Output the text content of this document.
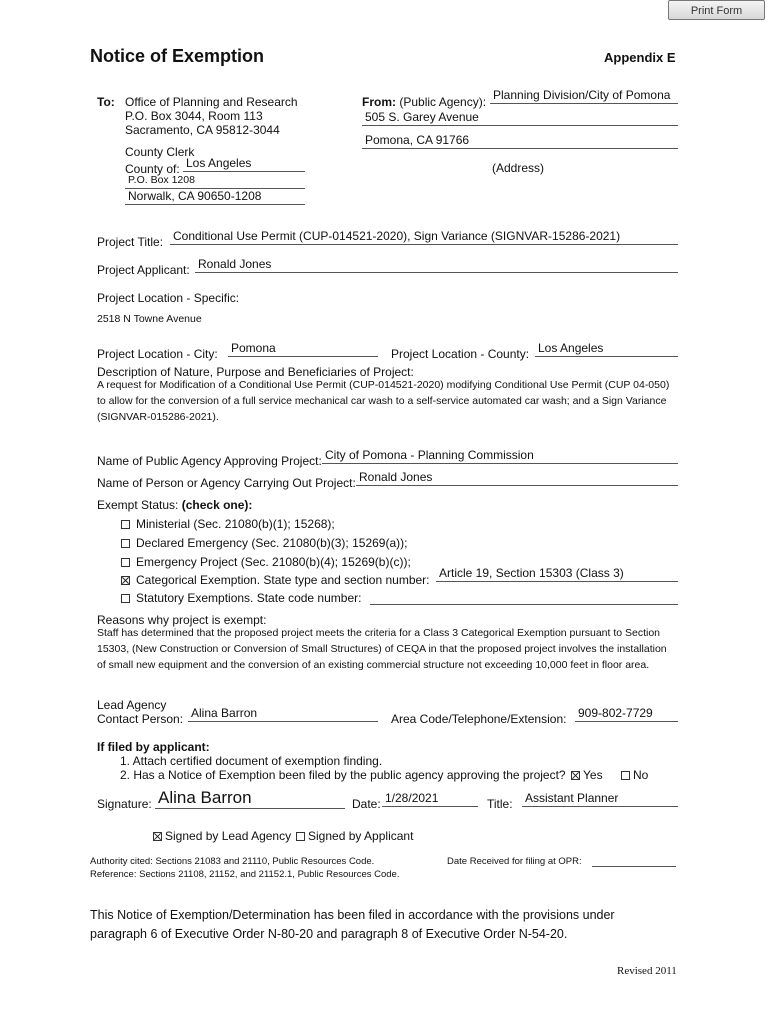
Print Form
Notice of Exemption	Appendix E
To: Office of Planning and Research
P.O. Box 3044, Room 113
Sacramento, CA 95812-3044
County Clerk
County of: Los Angeles
P.O. Box 1208
Norwalk, CA 90650-1208
From: (Public Agency): Planning Division/City of Pomona
505 S. Garey Avenue
Pomona, CA 91766
(Address)
Project Title: Conditional Use Permit (CUP-014521-2020), Sign Variance (SIGNVAR-15286-2021)
Project Applicant: Ronald Jones
Project Location - Specific:
2518 N Towne Avenue
Project Location - City: Pomona	Project Location - County: Los Angeles
Description of Nature, Purpose and Beneficiaries of Project:
A request for Modification of a Conditional Use Permit (CUP-014521-2020) modifying Conditional Use Permit (CUP 04-050) to allow for the conversion of a full service mechanical car wash to a self-service automated car wash; and a Sign Variance (SIGNVAR-015286-2021).
Name of Public Agency Approving Project: City of Pomona - Planning Commission
Name of Person or Agency Carrying Out Project: Ronald Jones
Exempt Status: (check one):
Ministerial (Sec. 21080(b)(1); 15268);
Declared Emergency (Sec. 21080(b)(3); 15269(a));
Emergency Project (Sec. 21080(b)(4); 15269(b)(c));
Categorical Exemption. State type and section number: Article 19, Section 15303 (Class 3)
Statutory Exemptions. State code number:
Reasons why project is exempt:
Staff has determined that the proposed project meets the criteria for a Class 3 Categorical Exemption pursuant to Section 15303, (New Construction or Conversion of Small Structures) of CEQA in that the proposed project involves the installation of small new equipment and the conversion of an existing commercial structure not exceeding 10,000 feet in floor area.
Lead Agency
Contact Person: Alina Barron	Area Code/Telephone/Extension: 909-802-7729
If filed by applicant:
1. Attach certified document of exemption finding.
2. Has a Notice of Exemption been filed by the public agency approving the project?	Yes	No
Signature: Alina Barron	Date: 1/28/2021	Title: Assistant Planner
Signed by Lead Agency	Signed by Applicant
Authority cited: Sections 21083 and 21110, Public Resources Code.
Reference: Sections 21108, 21152, and 21152.1, Public Resources Code.
Date Received for filing at OPR:
This Notice of Exemption/Determination has been filed in accordance with the provisions under paragraph 6 of Executive Order N-80-20 and paragraph 8 of Executive Order N-54-20.
Revised 2011
